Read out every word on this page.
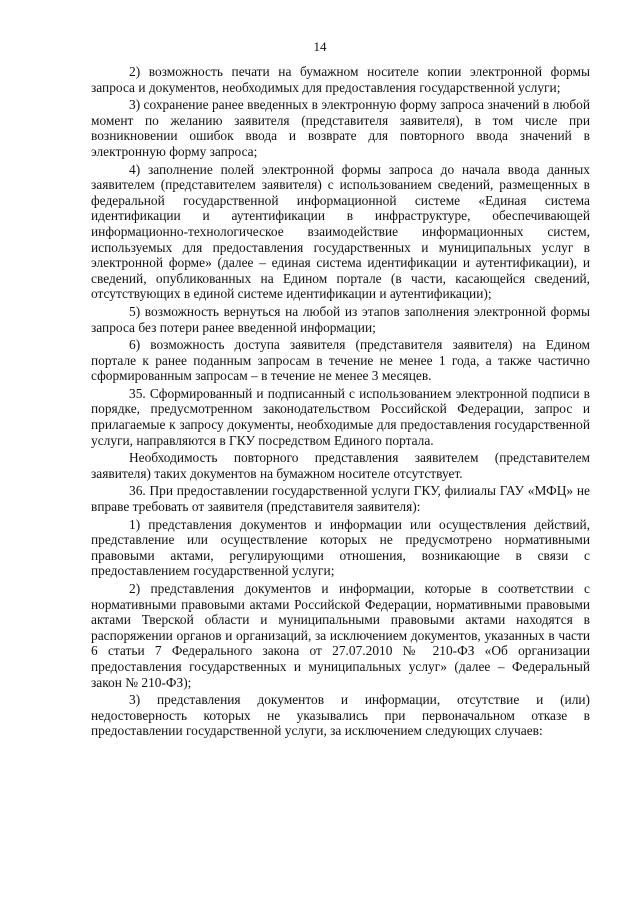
14

2) возможность печати на бумажном носителе копии электронной формы запроса и документов, необходимых для предоставления государственной услуги;

3) сохранение ранее введенных в электронную форму запроса значений в любой момент по желанию заявителя (представителя заявителя), в том числе при возникновении ошибок ввода и возврате для повторного ввода значений в электронную форму запроса;

4) заполнение полей электронной формы запроса до начала ввода данных заявителем (представителем заявителя) с использованием сведений, размещенных в федеральной государственной информационной системе «Единая система идентификации и аутентификации в инфраструктуре, обеспечивающей информационно-технологическое взаимодействие информационных систем, используемых для предоставления государственных и муниципальных услуг в электронной форме» (далее – единая система идентификации и аутентификации), и сведений, опубликованных на Едином портале (в части, касающейся сведений, отсутствующих в единой системе идентификации и аутентификации);

5) возможность вернуться на любой из этапов заполнения электронной формы запроса без потери ранее введенной информации;

6) возможность доступа заявителя (представителя заявителя) на Едином портале к ранее поданным запросам в течение не менее 1 года, а также частично сформированным запросам – в течение не менее 3 месяцев.

35. Сформированный и подписанный с использованием электронной подписи в порядке, предусмотренном законодательством Российской Федерации, запрос и прилагаемые к запросу документы, необходимые для предоставления государственной услуги, направляются в ГКУ посредством Единого портала.

Необходимость повторного представления заявителем (представителем заявителя) таких документов на бумажном носителе отсутствует.

36. При предоставлении государственной услуги ГКУ, филиалы ГАУ «МФЦ» не вправе требовать от заявителя (представителя заявителя):

1) представления документов и информации или осуществления действий, представление или осуществление которых не предусмотрено нормативными правовыми актами, регулирующими отношения, возникающие в связи с предоставлением государственной услуги;

2) представления документов и информации, которые в соответствии с нормативными правовыми актами Российской Федерации, нормативными правовыми актами Тверской области и муниципальными правовыми актами находятся в распоряжении органов и организаций, за исключением документов, указанных в части 6 статьи 7 Федерального закона от 27.07.2010 № 210-ФЗ «Об организации предоставления государственных и муниципальных услуг» (далее – Федеральный закон № 210-ФЗ);

3) представления документов и информации, отсутствие и (или) недостоверность которых не указывались при первоначальном отказе в предоставлении государственной услуги, за исключением следующих случаев:
